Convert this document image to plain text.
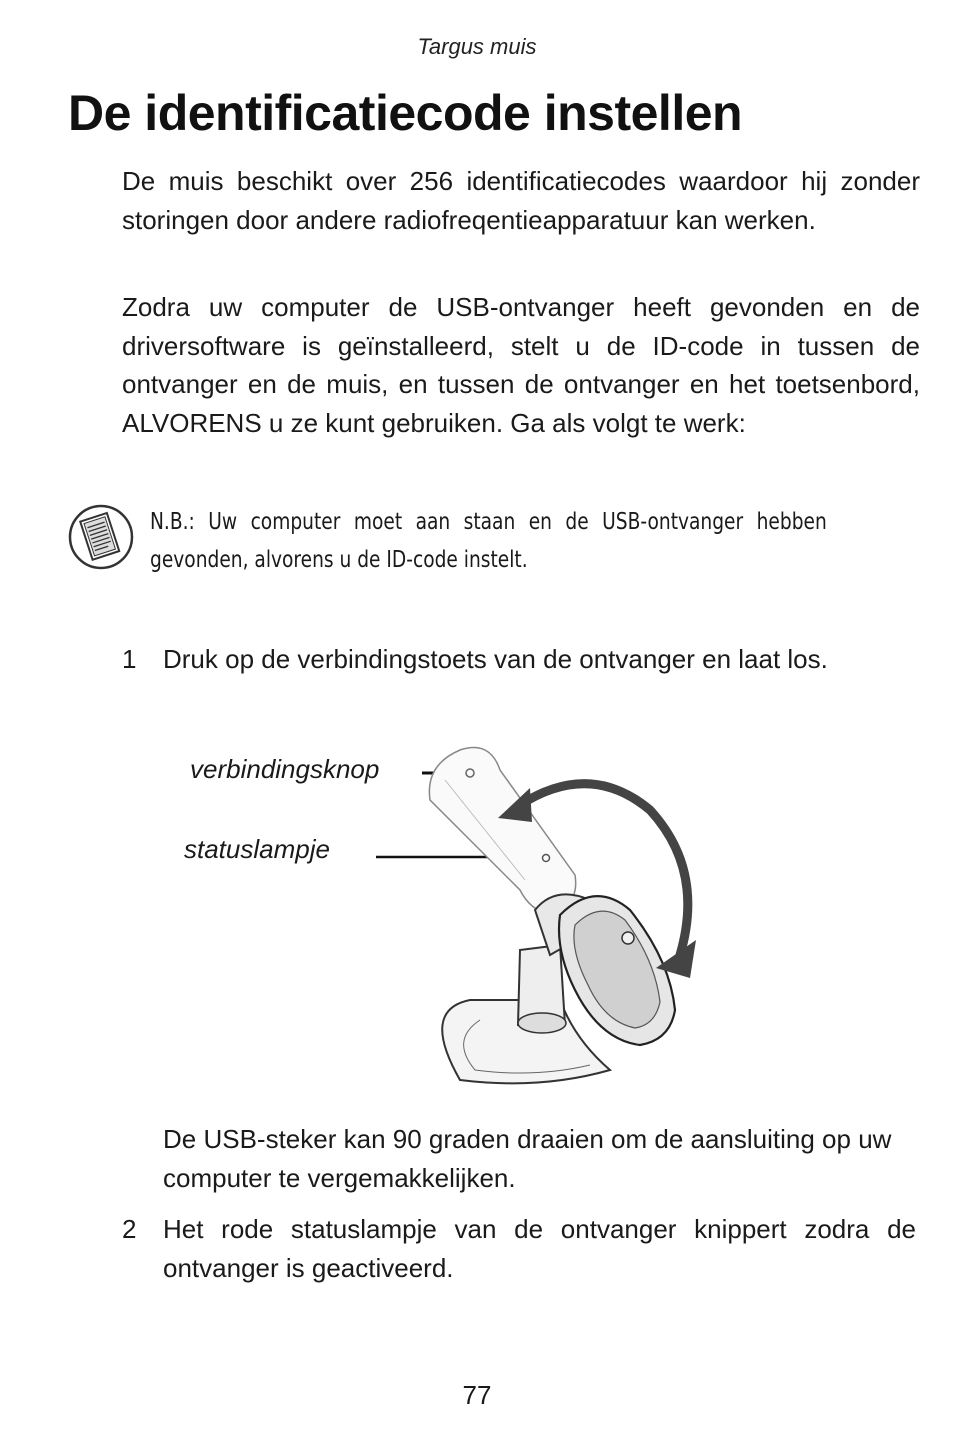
Targus muis
De identificatiecode instellen

De muis beschikt over 256 identificatiecodes waardoor hij zonder storingen door andere radiofreqentieapparatuur kan werken.

Zodra uw computer de USB-ontvanger heeft gevonden en de driversoftware is geïnstalleerd, stelt u de ID-code in tussen de ontvanger en de muis, en tussen de ontvanger en het toetsenbord, ALVORENS u ze kunt gebruiken. Ga als volgt te werk:

N.B.: Uw computer moet aan staan en de USB-ontvanger hebben gevonden, alvorens u de ID-code instelt.

1 Druk op de verbindingstoets van de ontvanger en laat los.

verbindingsknop
statuslampje

De USB-steker kan 90 graden draaien om de aansluiting op uw computer te vergemakkelijken.

2 Het rode statuslampje van de ontvanger knippert zodra de ontvanger is geactiveerd.

77
